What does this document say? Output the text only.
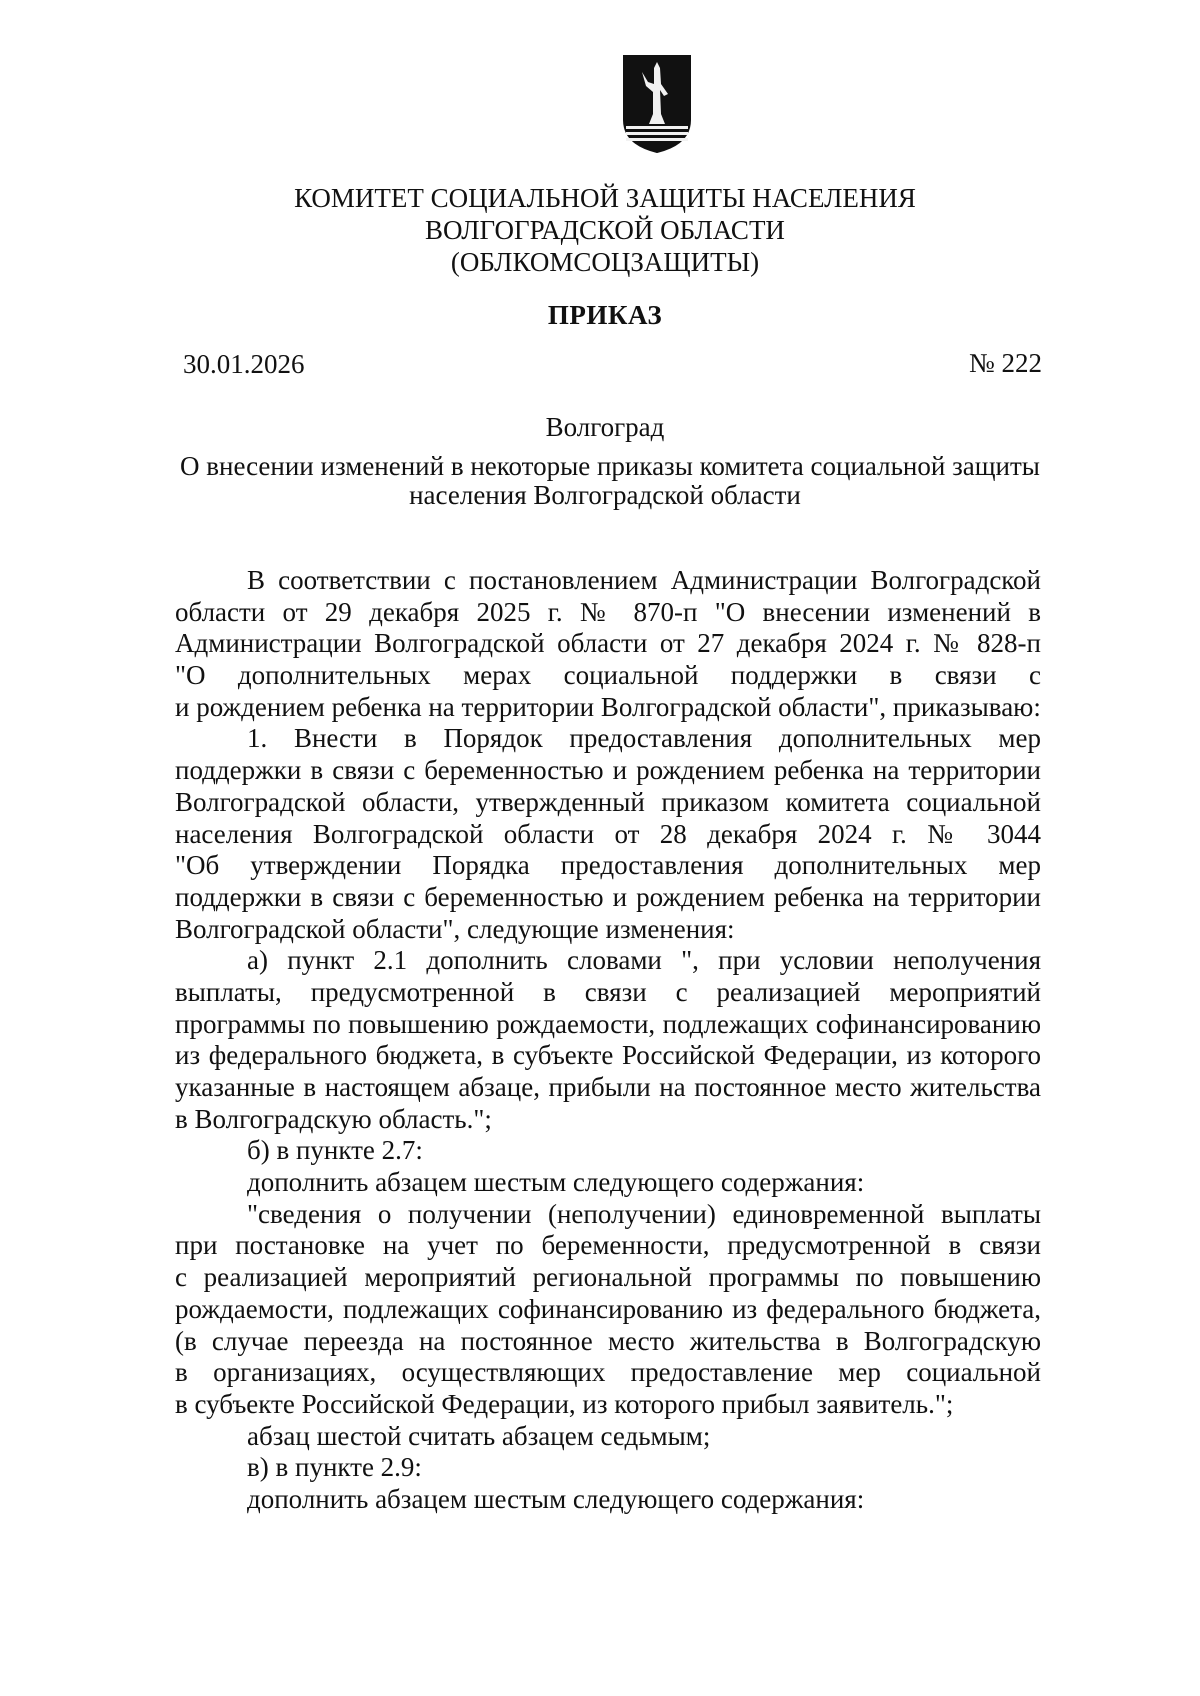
КОМИТЕТ СОЦИАЛЬНОЙ ЗАЩИТЫ НАСЕЛЕНИЯ
ВОЛГОГРАДСКОЙ ОБЛАСТИ
(ОБЛКОМСОЦЗАЩИТЫ)
ПРИКАЗ
30.01.2026	№ 222
Волгоград
О внесении изменений в некоторые приказы комитета социальной защиты
населения Волгоградской области
В соответствии с постановлением Администрации Волгоградской
области от 29 декабря 2025 г. № 870-п "О внесении изменений в
Администрации Волгоградской области от 27 декабря 2024 г. № 828-п
"О дополнительных мерах социальной поддержки в связи с
и рождением ребенка на территории Волгоградской области", приказываю:
1. Внести в Порядок предоставления дополнительных мер
поддержки в связи с беременностью и рождением ребенка на территории
Волгоградской области, утвержденный приказом комитета социальной
населения Волгоградской области от 28 декабря 2024 г. № 3044
"Об утверждении Порядка предоставления дополнительных мер
поддержки в связи с беременностью и рождением ребенка на территории
Волгоградской области", следующие изменения:
а) пункт 2.1 дополнить словами ", при условии неполучения
выплаты, предусмотренной в связи с реализацией мероприятий
программы по повышению рождаемости, подлежащих софинансированию
из федерального бюджета, в субъекте Российской Федерации, из которого
указанные в настоящем абзаце, прибыли на постоянное место жительства
в Волгоградскую область.";
б) в пункте 2.7:
дополнить абзацем шестым следующего содержания:
"сведения о получении (неполучении) единовременной выплаты
при постановке на учет по беременности, предусмотренной в связи
с реализацией мероприятий региональной программы по повышению
рождаемости, подлежащих софинансированию из федерального бюджета,
(в случае переезда на постоянное место жительства в Волгоградскую
в организациях, осуществляющих предоставление мер социальной
в субъекте Российской Федерации, из которого прибыл заявитель.";
абзац шестой считать абзацем седьмым;
в) в пункте 2.9:
дополнить абзацем шестым следующего содержания:
